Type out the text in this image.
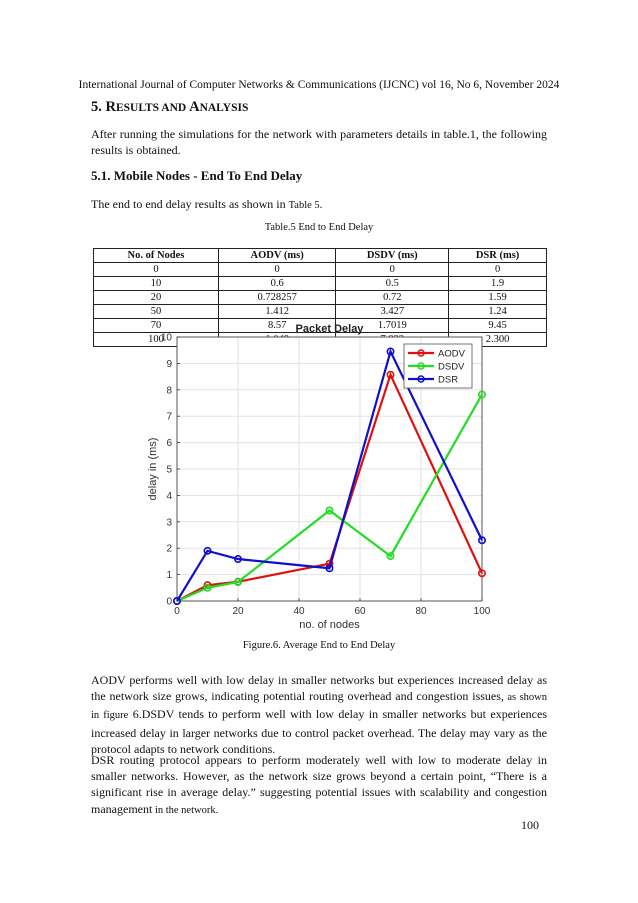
International Journal of Computer Networks & Communications (IJCNC) vol 16, No 6, November 2024
5. RESULTS AND ANALYSIS

After running the simulations for the network with parameters details in table.1, the following results is obtained.

5.1. Mobile Nodes - End To End Delay

The end to end delay results as shown in Table 5.

Table.5 End to End Delay
No. of Nodes	AODV (ms)	DSDV (ms)	DSR (ms)
0	0	0	0
10	0.6	0.5	1.9
20	0.728257	0.72	1.59
50	1.412	3.427	1.24
70	8.57	1.7019	9.45
100			2.300
0	20	40	60	80	100
0
1
2
3
4
5
6
7
8
9
10
Packet Delay
no. of nodes
delay in (ms)
AODV
DSDV
DSR
Figure.6. Average End to End Delay

AODV performs well with low delay in smaller networks but experiences increased delay as the network size grows, indicating potential routing overhead and congestion issues, as shown in figure 6.DSDV tends to perform well with low delay in smaller networks but experiences increased delay in larger networks due to control packet overhead. The delay may vary as the protocol adapts to network conditions.

DSR routing protocol appears to perform moderately well with low to moderate delay in smaller networks. However, as the network size grows beyond a certain point, “There is a significant rise in average delay.” suggesting potential issues with scalability and congestion management in the network.

100
